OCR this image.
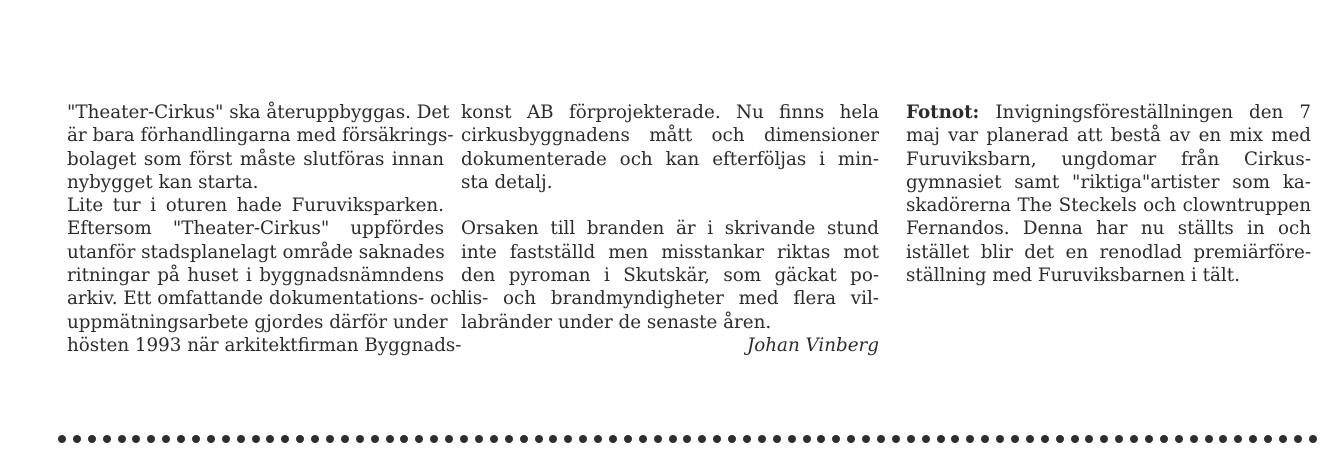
"Theater-Cirkus" ska återuppbyggas. Det

är bara förhandlingarna med försäkrings-

bolaget som först måste slutföras innan

nybygget kan starta.

Lite tur i oturen hade Furuviksparken.

Eftersom "Theater-Cirkus" uppfördes

utanför stadsplanelagt område saknades

ritningar på huset i byggnadsnämndens

arkiv. Ett omfattande dokumentations- och

uppmätningsarbete gjordes därför under

hösten 1993 när arkitektfirman Byggnads-

konst AB förprojekterade. Nu finns hela

cirkusbyggnadens mått och dimensioner

dokumenterade och kan efterföljas i min-

sta detalj.

Orsaken till branden är i skrivande stund

inte fastställd men misstankar riktas mot

den pyroman i Skutskär, som gäckat po-

lis- och brandmyndigheter med flera vil-

labränder under de senaste åren.

Johan Vinberg

Fotnot: Invigningsföreställningen den 7

maj var planerad att bestå av en mix med

Furuviksbarn, ungdomar från Cirkus-

gymnasiet samt "riktiga"artister som ka-

skadörerna The Steckels och clowntruppen

Fernandos. Denna har nu ställts in och

istället blir det en renodlad premiärföre-

ställning med Furuviksbarnen i tält.
